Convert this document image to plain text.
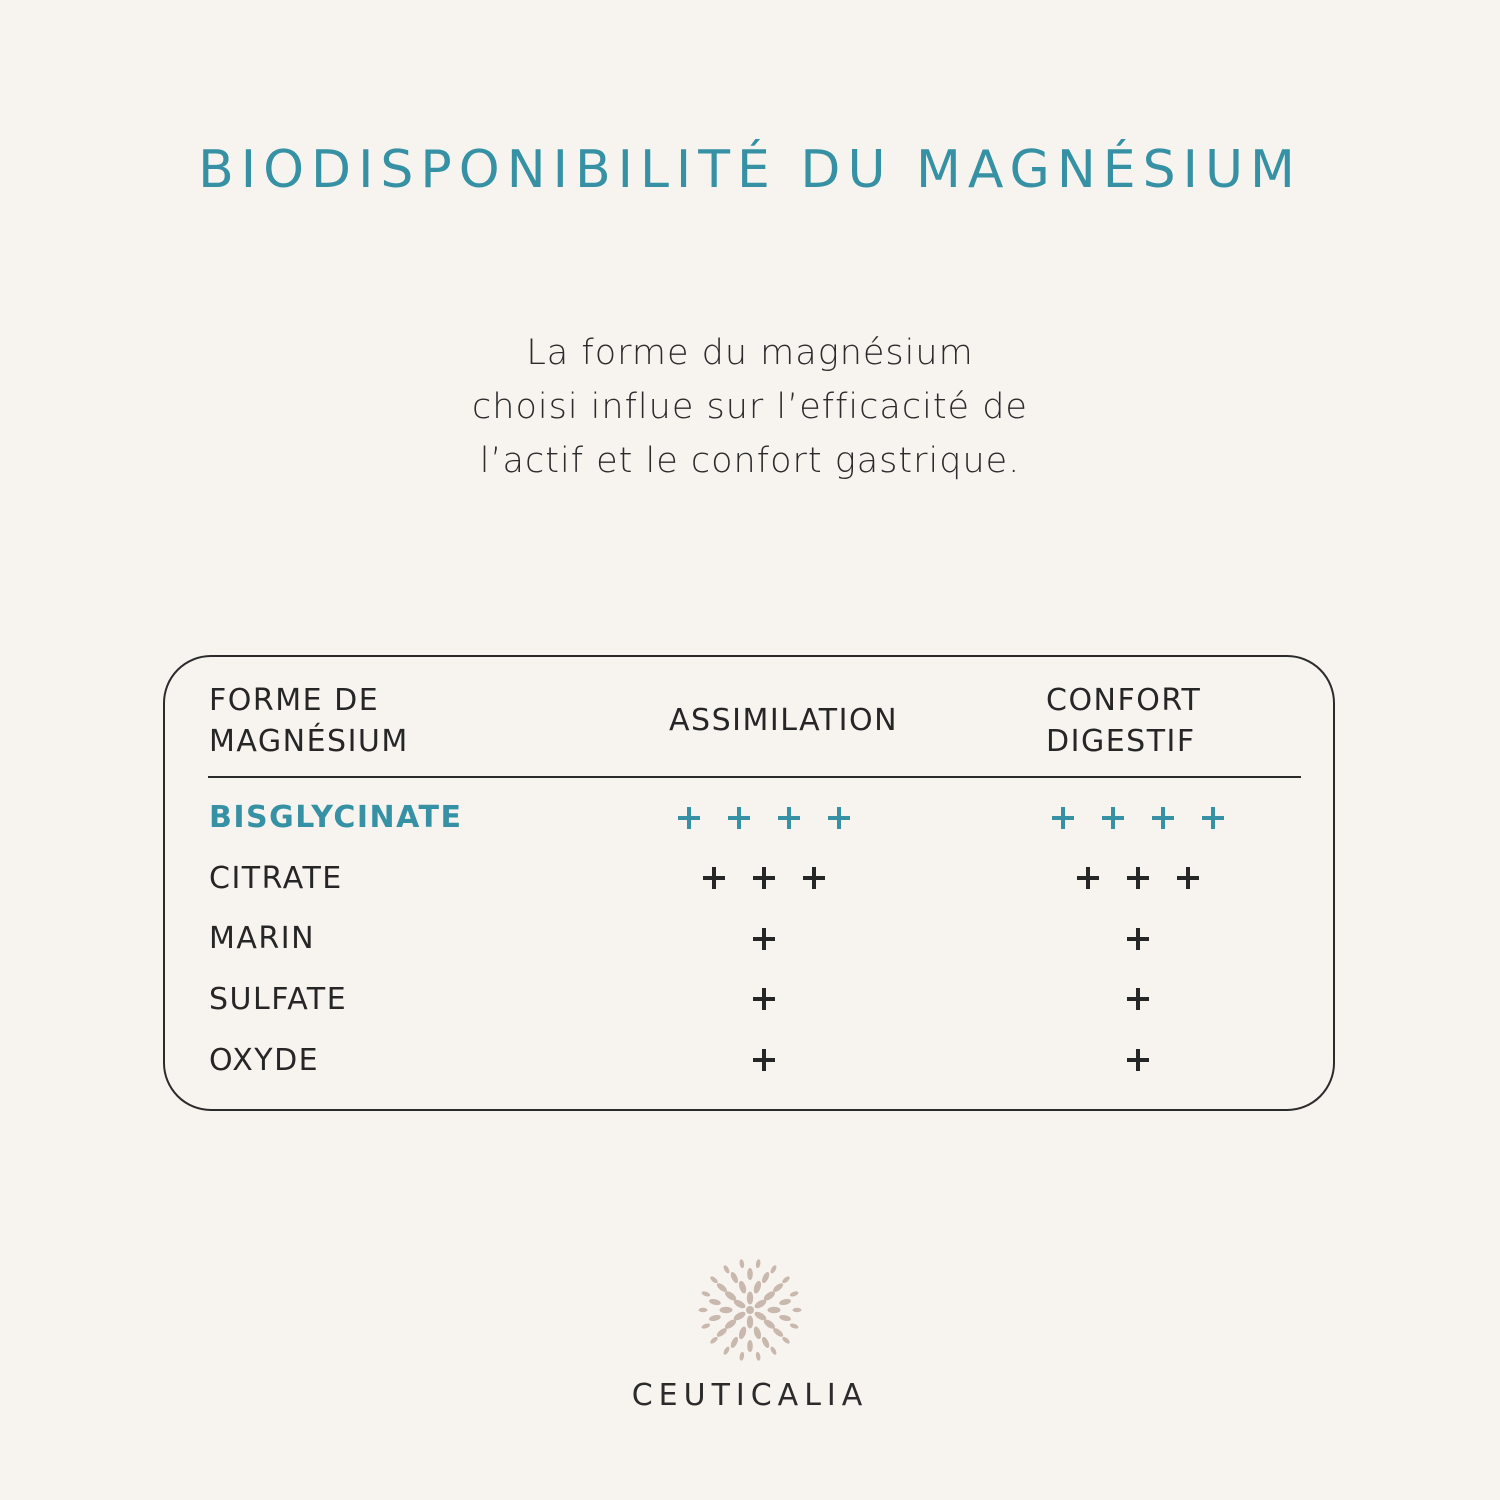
BIODISPONIBILITÉ DU MAGNÉSIUM
La forme du magnésium
choisi influe sur l’efficacité de
l’actif et le confort gastrique.
FORME DE
MAGNÉSIUM
ASSIMILATION
CONFORT
DIGESTIF
BISGLYCINATE
CITRATE
MARIN
SULFATE
OXYDE
CEUTICALIA
